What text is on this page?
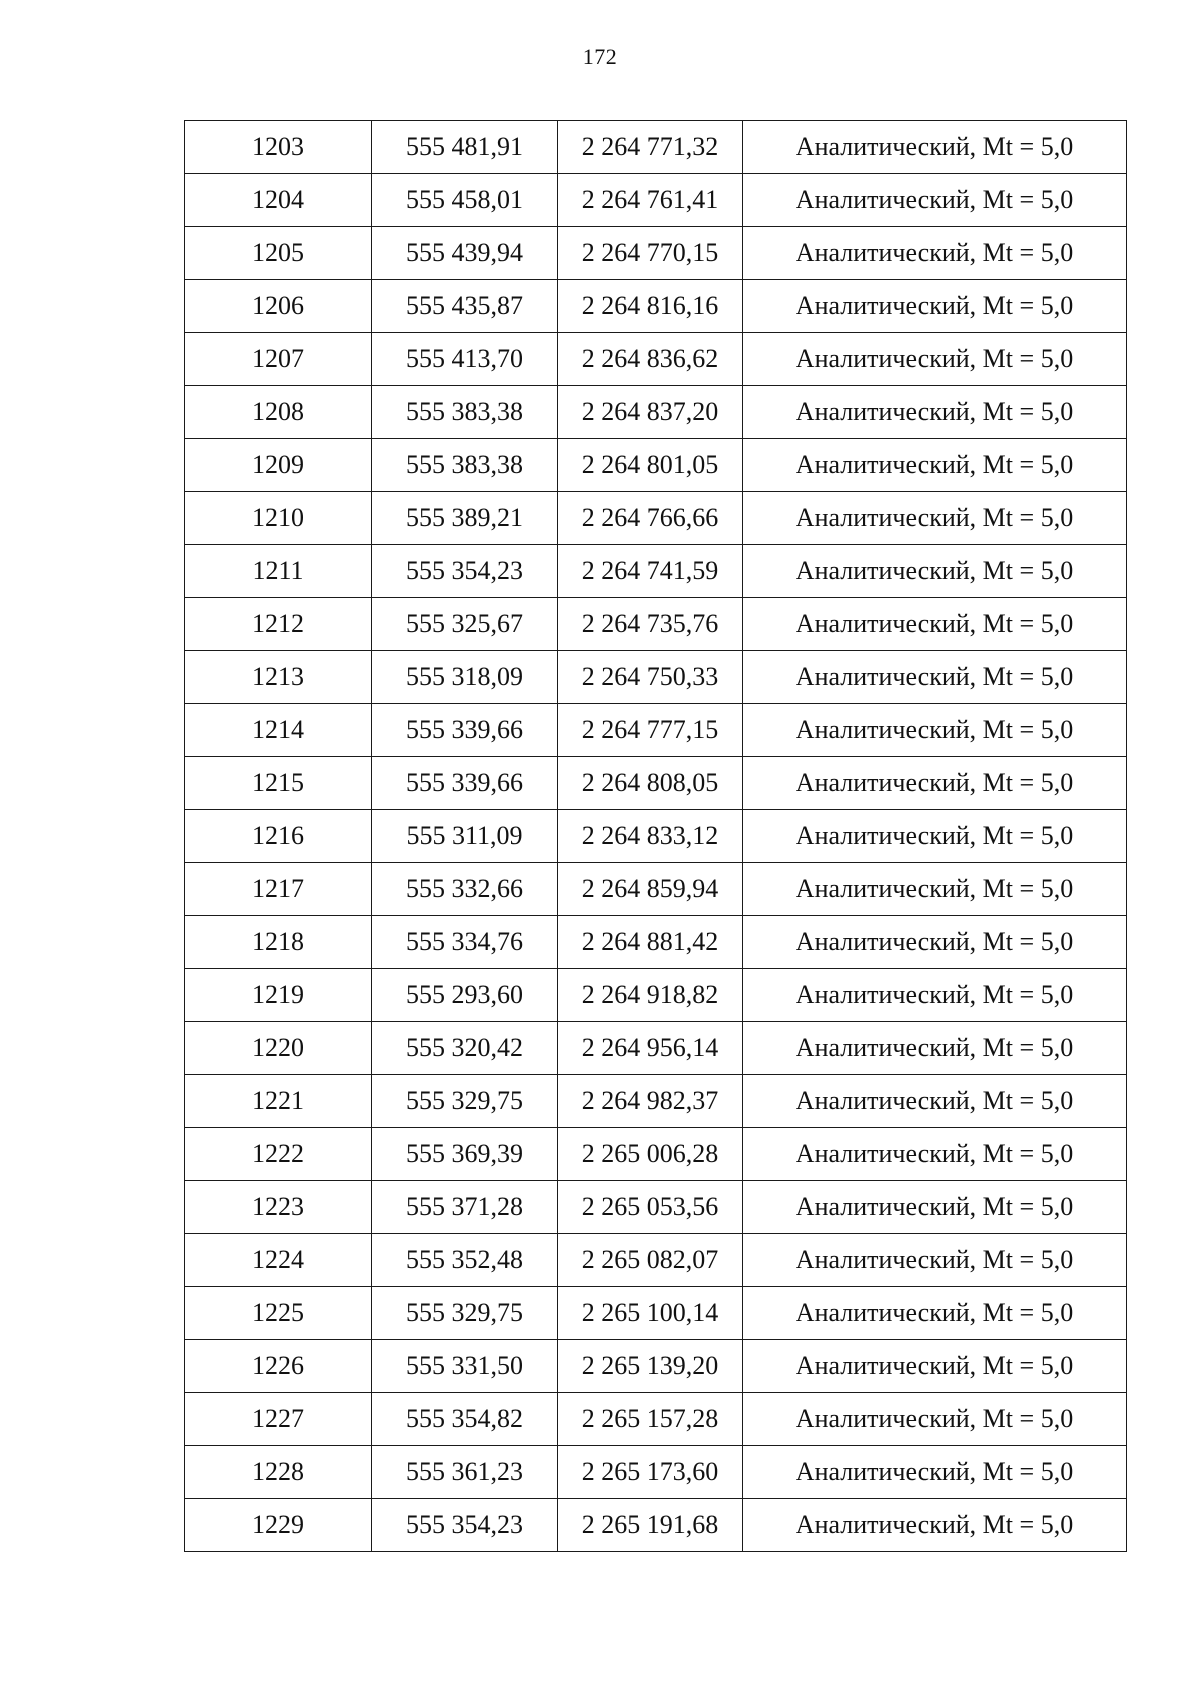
172
1203	555 481,91	2 264 771,32	Аналитический, Mt = 5,0
1204	555 458,01	2 264 761,41	Аналитический, Mt = 5,0
1205	555 439,94	2 264 770,15	Аналитический, Mt = 5,0
1206	555 435,87	2 264 816,16	Аналитический, Mt = 5,0
1207	555 413,70	2 264 836,62	Аналитический, Mt = 5,0
1208	555 383,38	2 264 837,20	Аналитический, Mt = 5,0
1209	555 383,38	2 264 801,05	Аналитический, Mt = 5,0
1210	555 389,21	2 264 766,66	Аналитический, Mt = 5,0
1211	555 354,23	2 264 741,59	Аналитический, Mt = 5,0
1212	555 325,67	2 264 735,76	Аналитический, Mt = 5,0
1213	555 318,09	2 264 750,33	Аналитический, Mt = 5,0
1214	555 339,66	2 264 777,15	Аналитический, Mt = 5,0
1215	555 339,66	2 264 808,05	Аналитический, Mt = 5,0
1216	555 311,09	2 264 833,12	Аналитический, Mt = 5,0
1217	555 332,66	2 264 859,94	Аналитический, Mt = 5,0
1218	555 334,76	2 264 881,42	Аналитический, Mt = 5,0
1219	555 293,60	2 264 918,82	Аналитический, Mt = 5,0
1220	555 320,42	2 264 956,14	Аналитический, Mt = 5,0
1221	555 329,75	2 264 982,37	Аналитический, Mt = 5,0
1222	555 369,39	2 265 006,28	Аналитический, Mt = 5,0
1223	555 371,28	2 265 053,56	Аналитический, Mt = 5,0
1224	555 352,48	2 265 082,07	Аналитический, Mt = 5,0
1225	555 329,75	2 265 100,14	Аналитический, Mt = 5,0
1226	555 331,50	2 265 139,20	Аналитический, Mt = 5,0
1227	555 354,82	2 265 157,28	Аналитический, Mt = 5,0
1228	555 361,23	2 265 173,60	Аналитический, Mt = 5,0
1229	555 354,23	2 265 191,68	Аналитический, Mt = 5,0
